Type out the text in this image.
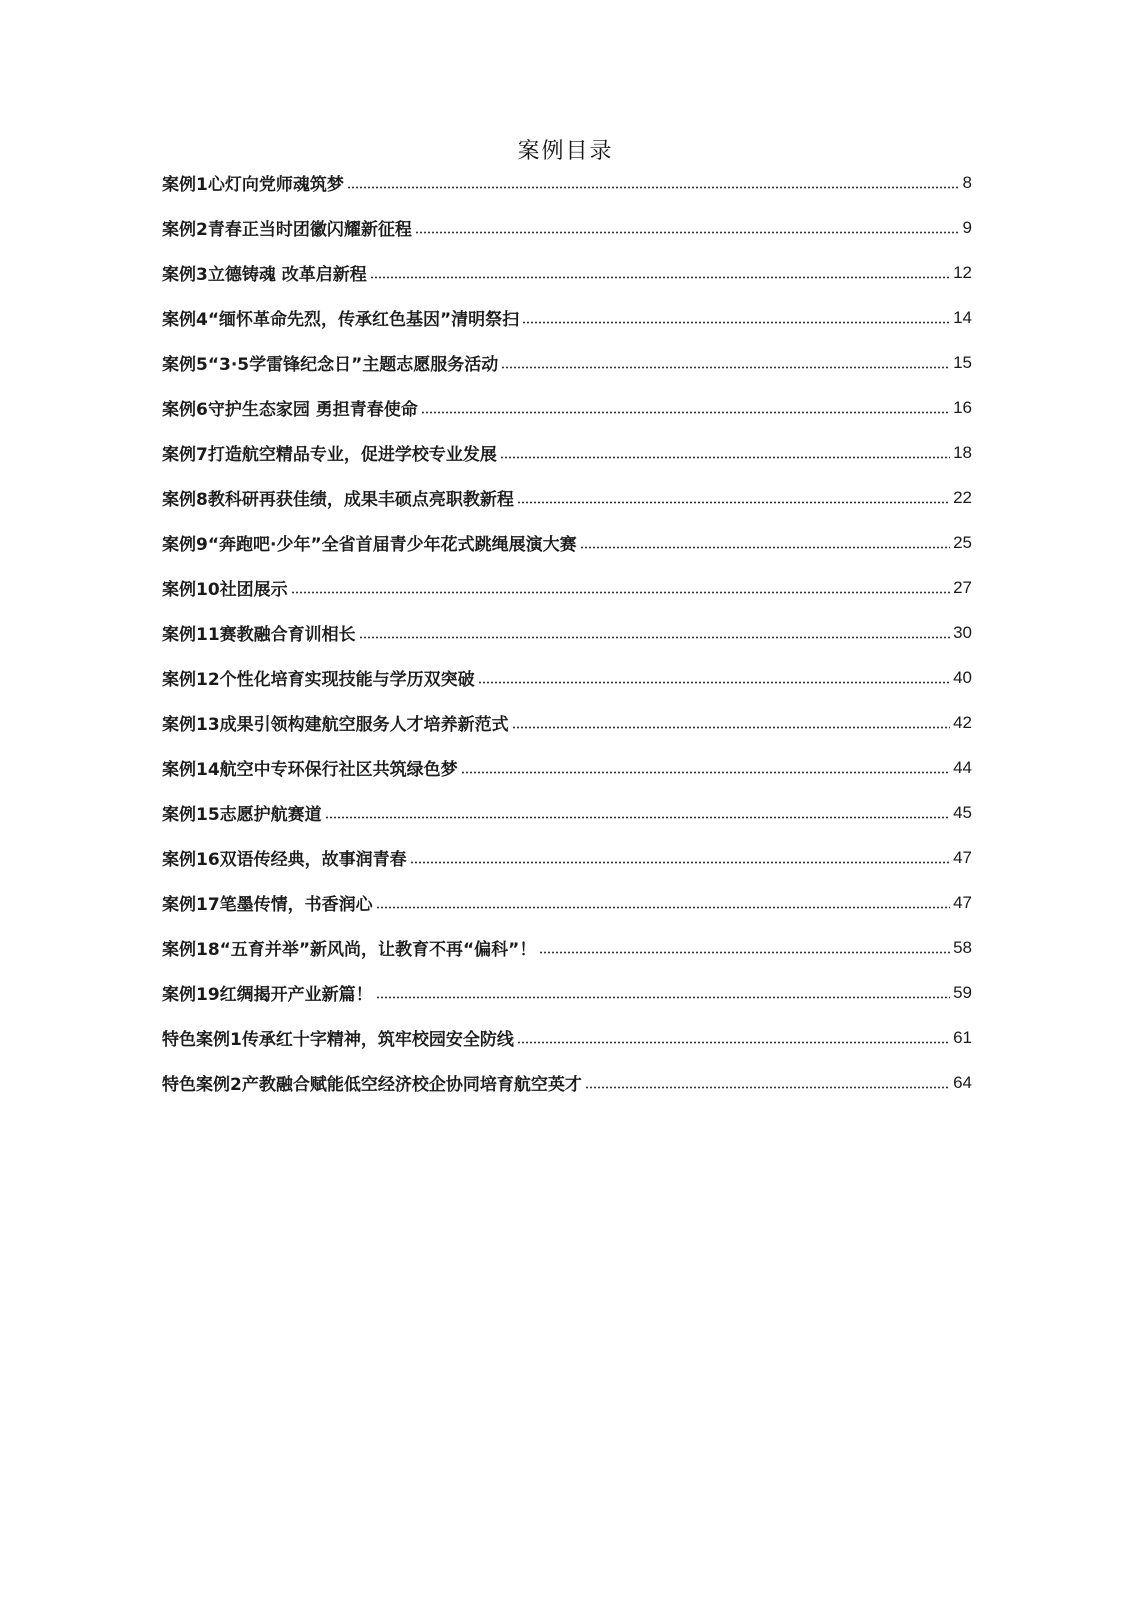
案例目录
案例1心灯向党师魂筑梦	8
案例2青春正当时团徽闪耀新征程	9
案例3立德铸魂 改革启新程	12
案例4“缅怀革命先烈，传承红色基因”清明祭扫	14
案例5“3·5学雷锋纪念日”主题志愿服务活动	15
案例6守护生态家园 勇担青春使命	16
案例7打造航空精品专业，促进学校专业发展	18
案例8教科研再获佳绩，成果丰硕点亮职教新程	22
案例9“奔跑吧·少年”全省首届青少年花式跳绳展演大赛	25
案例10社团展示	27
案例11赛教融合育训相长	30
案例12个性化培育实现技能与学历双突破	40
案例13成果引领构建航空服务人才培养新范式	42
案例14航空中专环保行社区共筑绿色梦	44
案例15志愿护航赛道	45
案例16双语传经典，故事润青春	47
案例17笔墨传情，书香润心	47
案例18“五育并举”新风尚，让教育不再“偏科”！	58
案例19红绸揭开产业新篇！	59
特色案例1传承红十字精神，筑牢校园安全防线	61
特色案例2产教融合赋能低空经济校企协同培育航空英才	64
